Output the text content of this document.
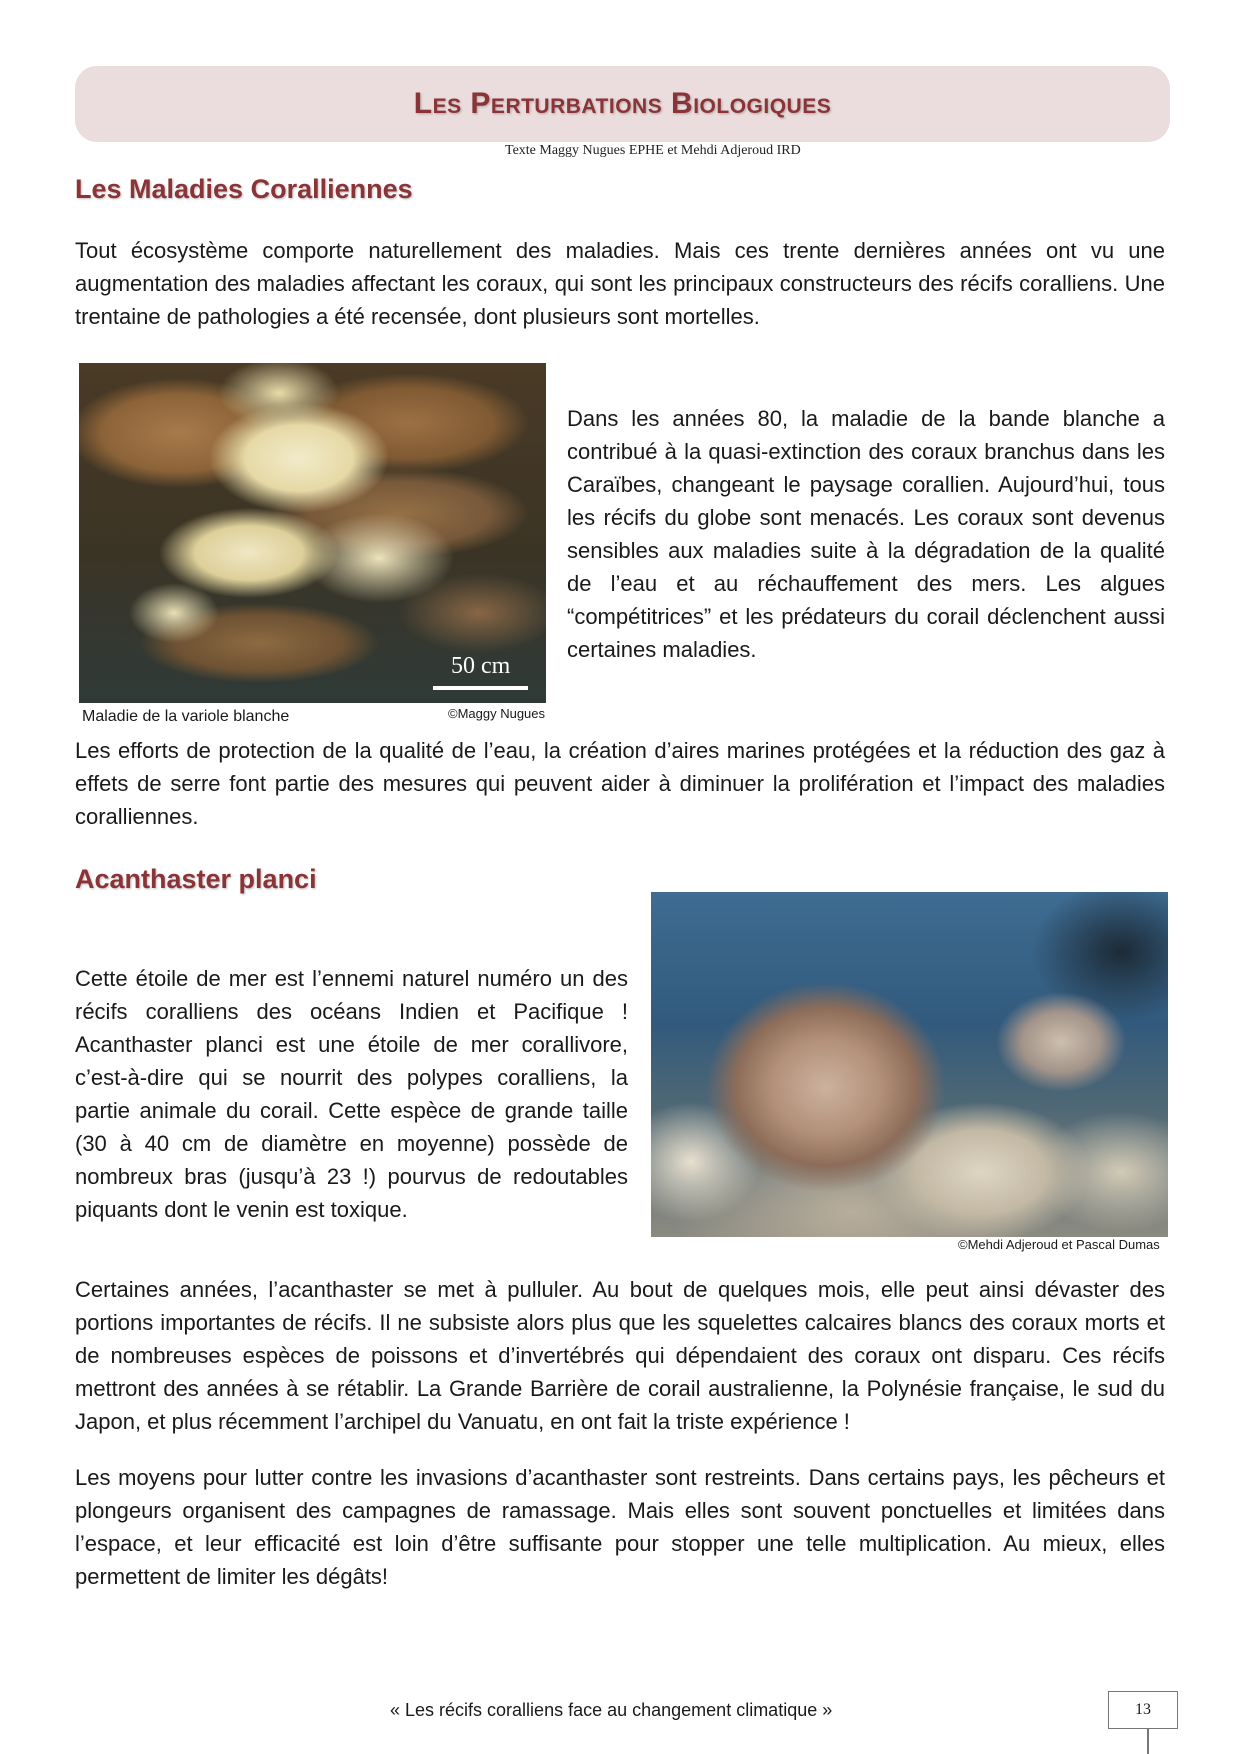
Les Perturbations Biologiques
Texte Maggy Nugues EPHE et Mehdi Adjeroud IRD
Les Maladies Coralliennes

Tout écosystème comporte naturellement des maladies. Mais ces trente dernières années ont vu une augmentation des maladies affectant les coraux, qui sont les principaux constructeurs des récifs coralliens. Une trentaine de pathologies a été recensée, dont plusieurs sont mortelles.

50 cm
Maladie de la variole blanche	©Maggy Nugues

Dans les années 80, la maladie de la bande blanche a contribué à la quasi-extinction des coraux branchus dans les Caraïbes, changeant le paysage corallien. Aujourd’hui, tous les récifs du globe sont menacés. Les coraux sont devenus sensibles aux maladies suite à la dégradation de la qualité de l’eau et au réchauffement des mers. Les algues “compétitrices” et les prédateurs du corail déclenchent aussi certaines maladies.

Les efforts de protection de la qualité de l’eau, la création d’aires marines protégées et la réduction des gaz à effets de serre font partie des mesures qui peuvent aider à diminuer la prolifération et l’impact des maladies coralliennes.

Acanthaster planci

Cette étoile de mer est l’ennemi naturel numéro un des récifs coralliens des océans Indien et Pacifique ! Acanthaster planci est une étoile de mer corallivore, c’est-à-dire qui se nourrit des polypes coralliens, la partie animale du corail. Cette espèce de grande taille (30 à 40 cm de diamètre en moyenne) possède de nombreux bras (jusqu’à 23 !) pourvus de redoutables piquants dont le venin est toxique.

©Mehdi Adjeroud et Pascal Dumas

Certaines années, l’acanthaster se met à pulluler. Au bout de quelques mois, elle peut ainsi dévaster des portions importantes de récifs. Il ne subsiste alors plus que les squelettes calcaires blancs des coraux morts et de nombreuses espèces de poissons et d’invertébrés qui dépendaient des coraux ont disparu. Ces récifs mettront des années à se rétablir. La Grande Barrière de corail australienne, la Polynésie française, le sud du Japon, et plus récemment l’archipel du Vanuatu, en ont fait la triste expérience !

Les moyens pour lutter contre les invasions d’acanthaster sont restreints. Dans certains pays, les pêcheurs et plongeurs organisent des campagnes de ramassage. Mais elles sont souvent ponctuelles et limitées dans l’espace, et leur efficacité est loin d’être suffisante pour stopper une telle multiplication. Au mieux, elles permettent de limiter les dégâts!

« Les récifs coralliens face au changement climatique »	13
